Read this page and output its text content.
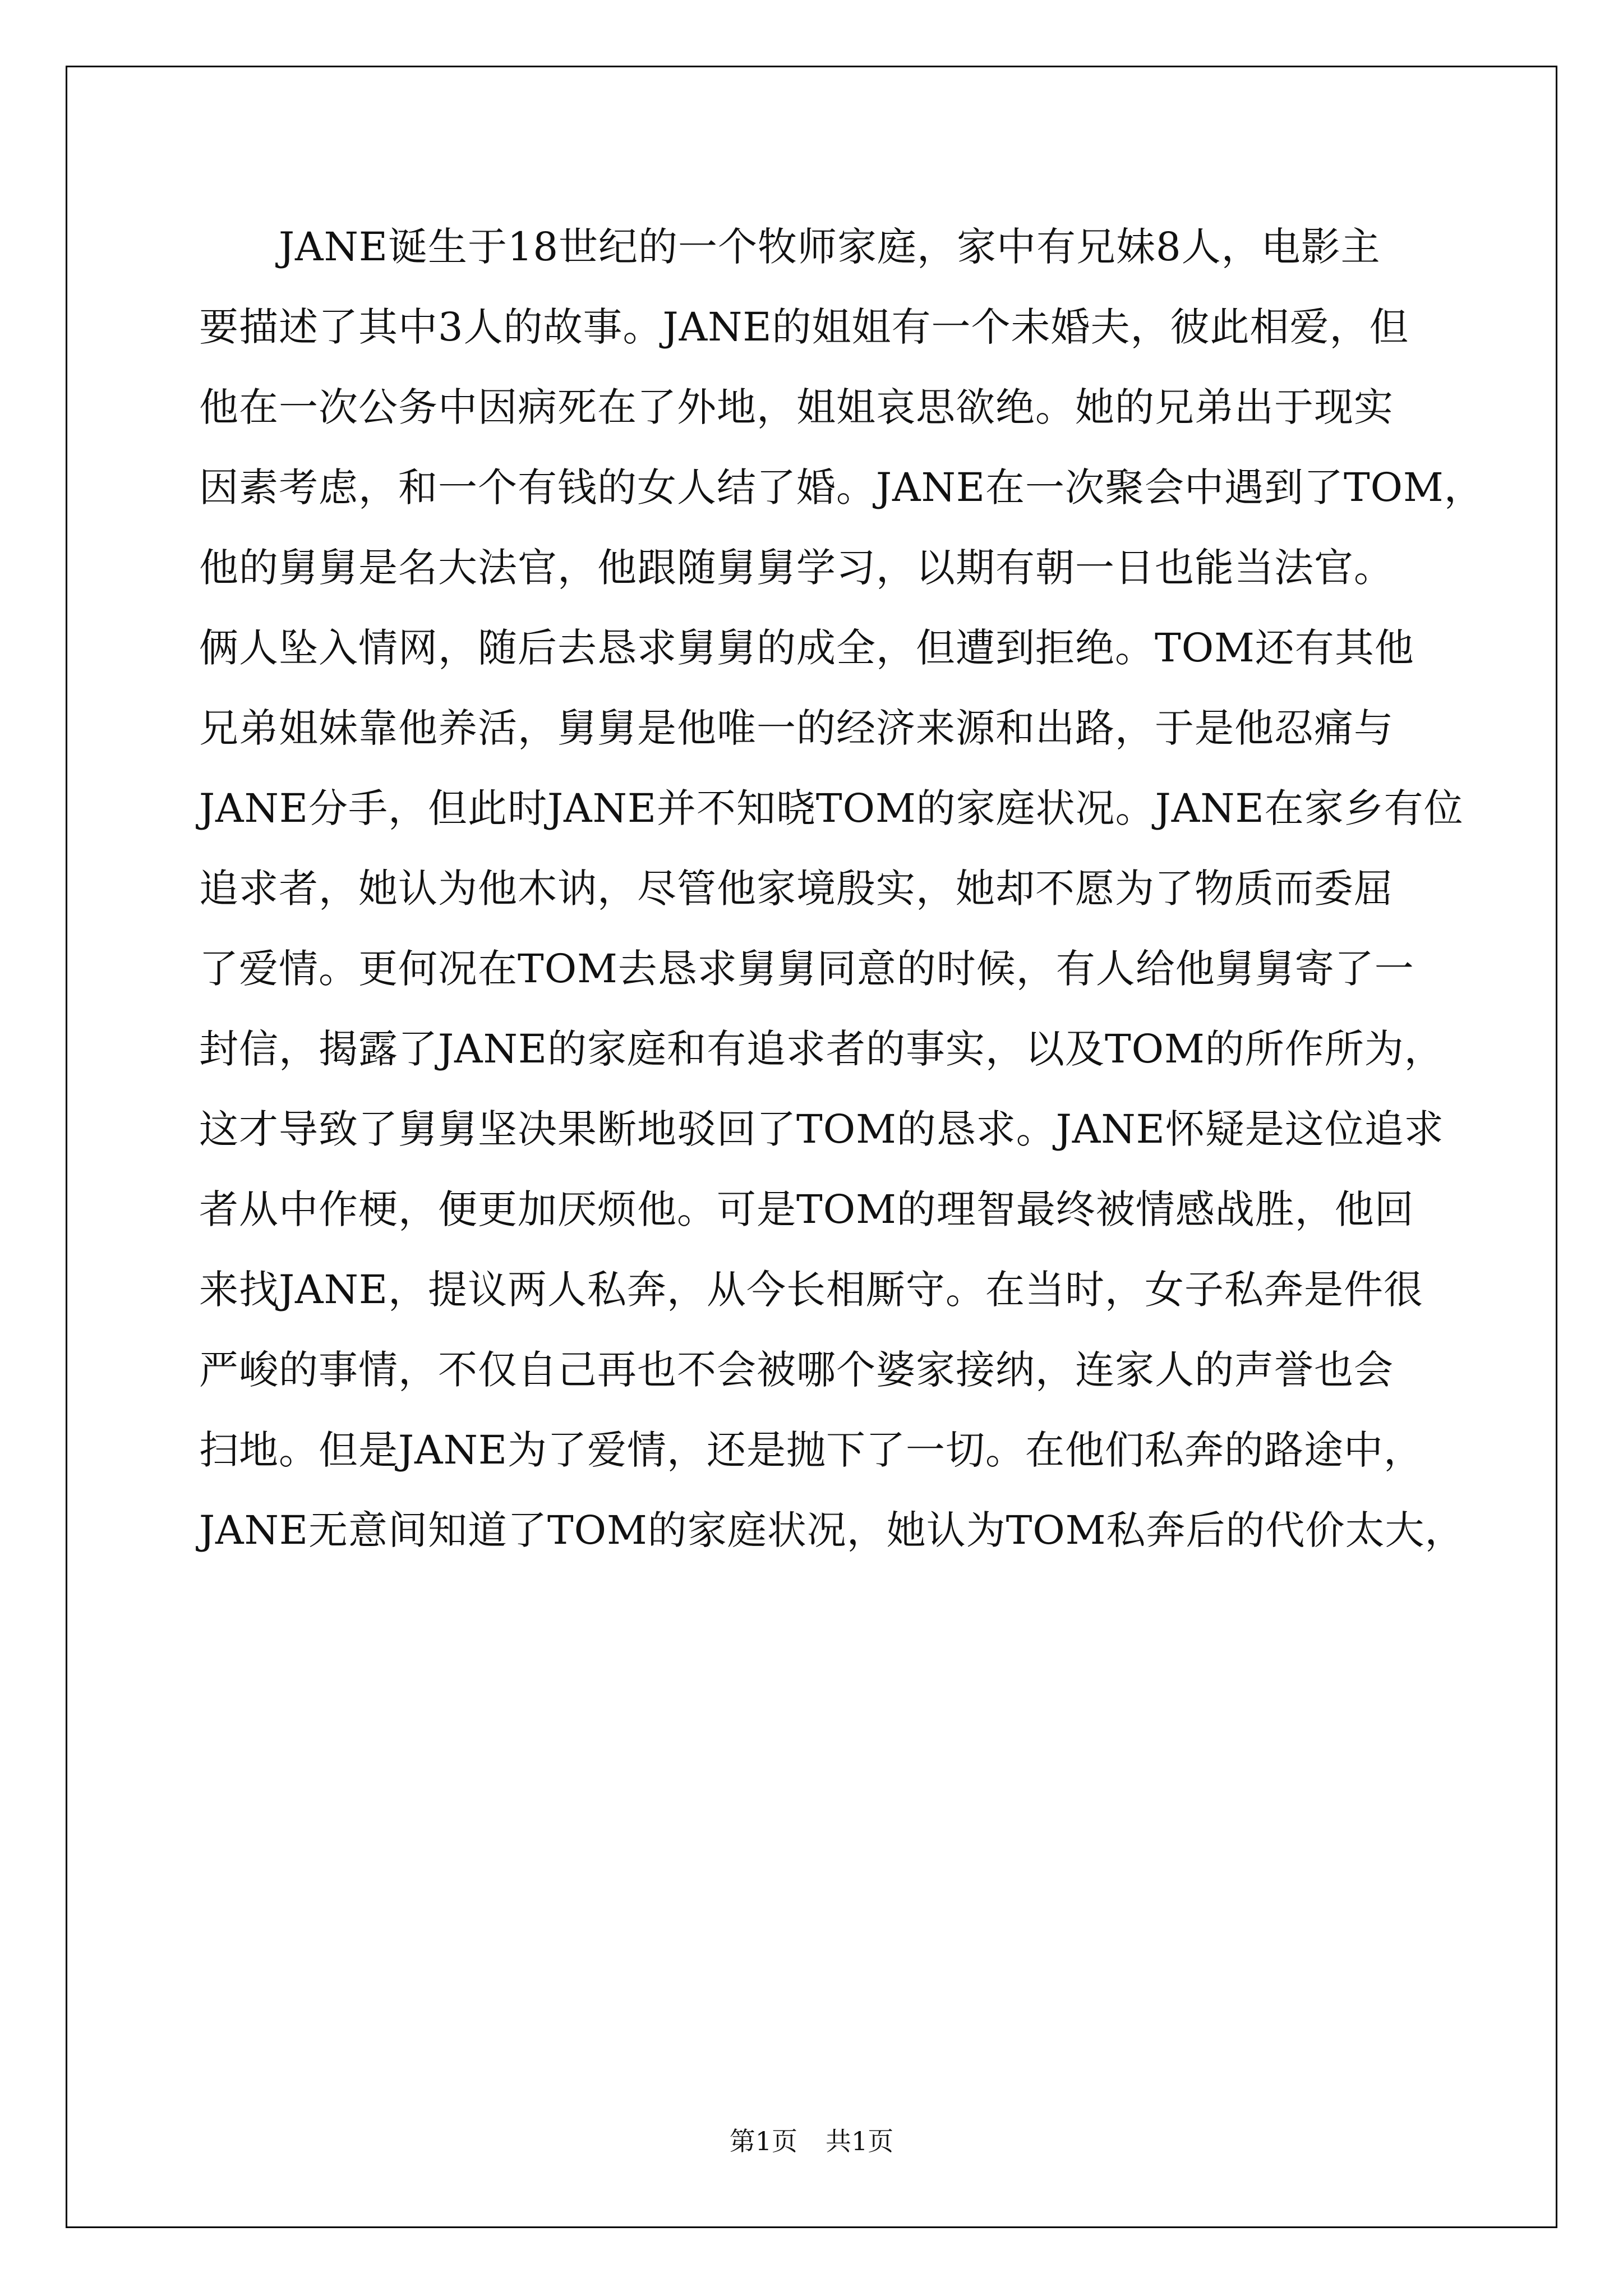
JANE诞生于18世纪的一个牧师家庭，家中有兄妹8人，电影主
要描述了其中3人的故事。JANE的姐姐有一个未婚夫，彼此相爱，但
他在一次公务中因病死在了外地，姐姐哀思欲绝。她的兄弟出于现实
因素考虑，和一个有钱的女人结了婚。JANE在一次聚会中遇到了TOM，
他的舅舅是名大法官，他跟随舅舅学习，以期有朝一日也能当法官。
俩人坠入情网，随后去恳求舅舅的成全，但遭到拒绝。TOM还有其他
兄弟姐妹靠他养活，舅舅是他唯一的经济来源和出路，于是他忍痛与
JANE分手，但此时JANE并不知晓TOM的家庭状况。JANE在家乡有位
追求者，她认为他木讷，尽管他家境殷实，她却不愿为了物质而委屈
了爱情。更何况在TOM去恳求舅舅同意的时候，有人给他舅舅寄了一
封信，揭露了JANE的家庭和有追求者的事实，以及TOM的所作所为，
这才导致了舅舅坚决果断地驳回了TOM的恳求。JANE怀疑是这位追求
者从中作梗，便更加厌烦他。可是TOM的理智最终被情感战胜，他回
来找JANE，提议两人私奔，从今长相厮守。在当时，女子私奔是件很
严峻的事情，不仅自己再也不会被哪个婆家接纳，连家人的声誉也会
扫地。但是JANE为了爱情，还是抛下了一切。在他们私奔的路途中，
JANE无意间知道了TOM的家庭状况，她认为TOM私奔后的代价太大，
第1页 共1页
